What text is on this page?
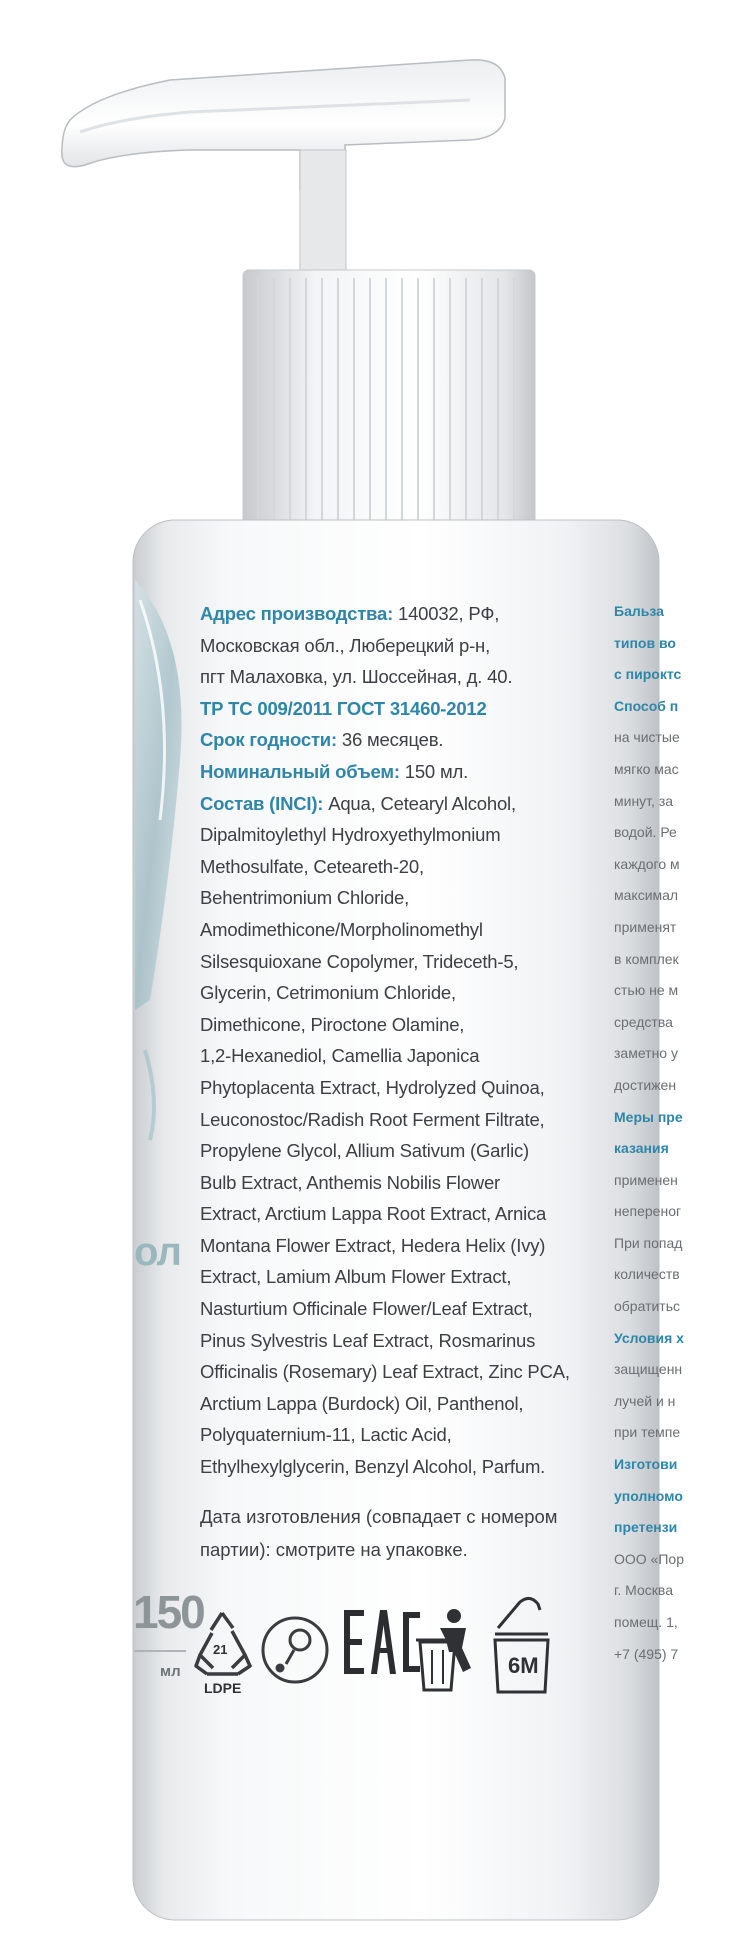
Адрес производства: 140032, РФ,
Московская обл., Люберецкий р-н,
пгт Малаховка, ул. Шоссейная, д. 40.
ТР ТС 009/2011 ГОСТ 31460-2012
Срок годности: 36 месяцев.
Номинальный объем: 150 мл.
Состав (INCI): Aqua, Cetearyl Alcohol,
Dipalmitoylethyl Hydroxyethylmonium
Methosulfate, Ceteareth-20,
Behentrimonium Chloride,
Amodimethicone/Morpholinomethyl
Silsesquioxane Copolymer, Trideceth-5,
Glycerin, Cetrimonium Chloride,
Dimethicone, Piroctone Olamine,
1,2-Hexanediol, Camellia Japonica
Phytoplacenta Extract, Hydrolyzed Quinoa,
Leuconostoc/Radish Root Ferment Filtrate,
Propylene Glycol, Allium Sativum (Garlic)
Bulb Extract, Anthemis Nobilis Flower
Extract, Arctium Lappa Root Extract, Arnica
Montana Flower Extract, Hedera Helix (Ivy)
Extract, Lamium Album Flower Extract,
Nasturtium Officinale Flower/Leaf Extract,
Pinus Sylvestris Leaf Extract, Rosmarinus
Officinalis (Rosemary) Leaf Extract, Zinc PCA,
Arctium Lappa (Burdock) Oil, Panthenol,
Polyquaternium-11, Lactic Acid,
Ethylhexylglycerin, Benzyl Alcohol, Parfum.
Дата изготовления (совпадает с номером
партии): смотрите на упаковке.
Бальза
типов во
с пироктс
Способ п
на чистые
мягко мас
минут, за
водой. Ре
каждого м
максимал
применят
в комплек
стью не м
средства
заметно у
достижен
Меры пре
казания
применен
непереног
При попад
количеств
обратитьс
Условия х
защищенн
лучей и н
при темпе
Изготови
уполномо
претензи
ООО «Пор
г. Москва
помещ. 1,
+7 (495) 7
ол
150
мл
21
LDPE
6M
